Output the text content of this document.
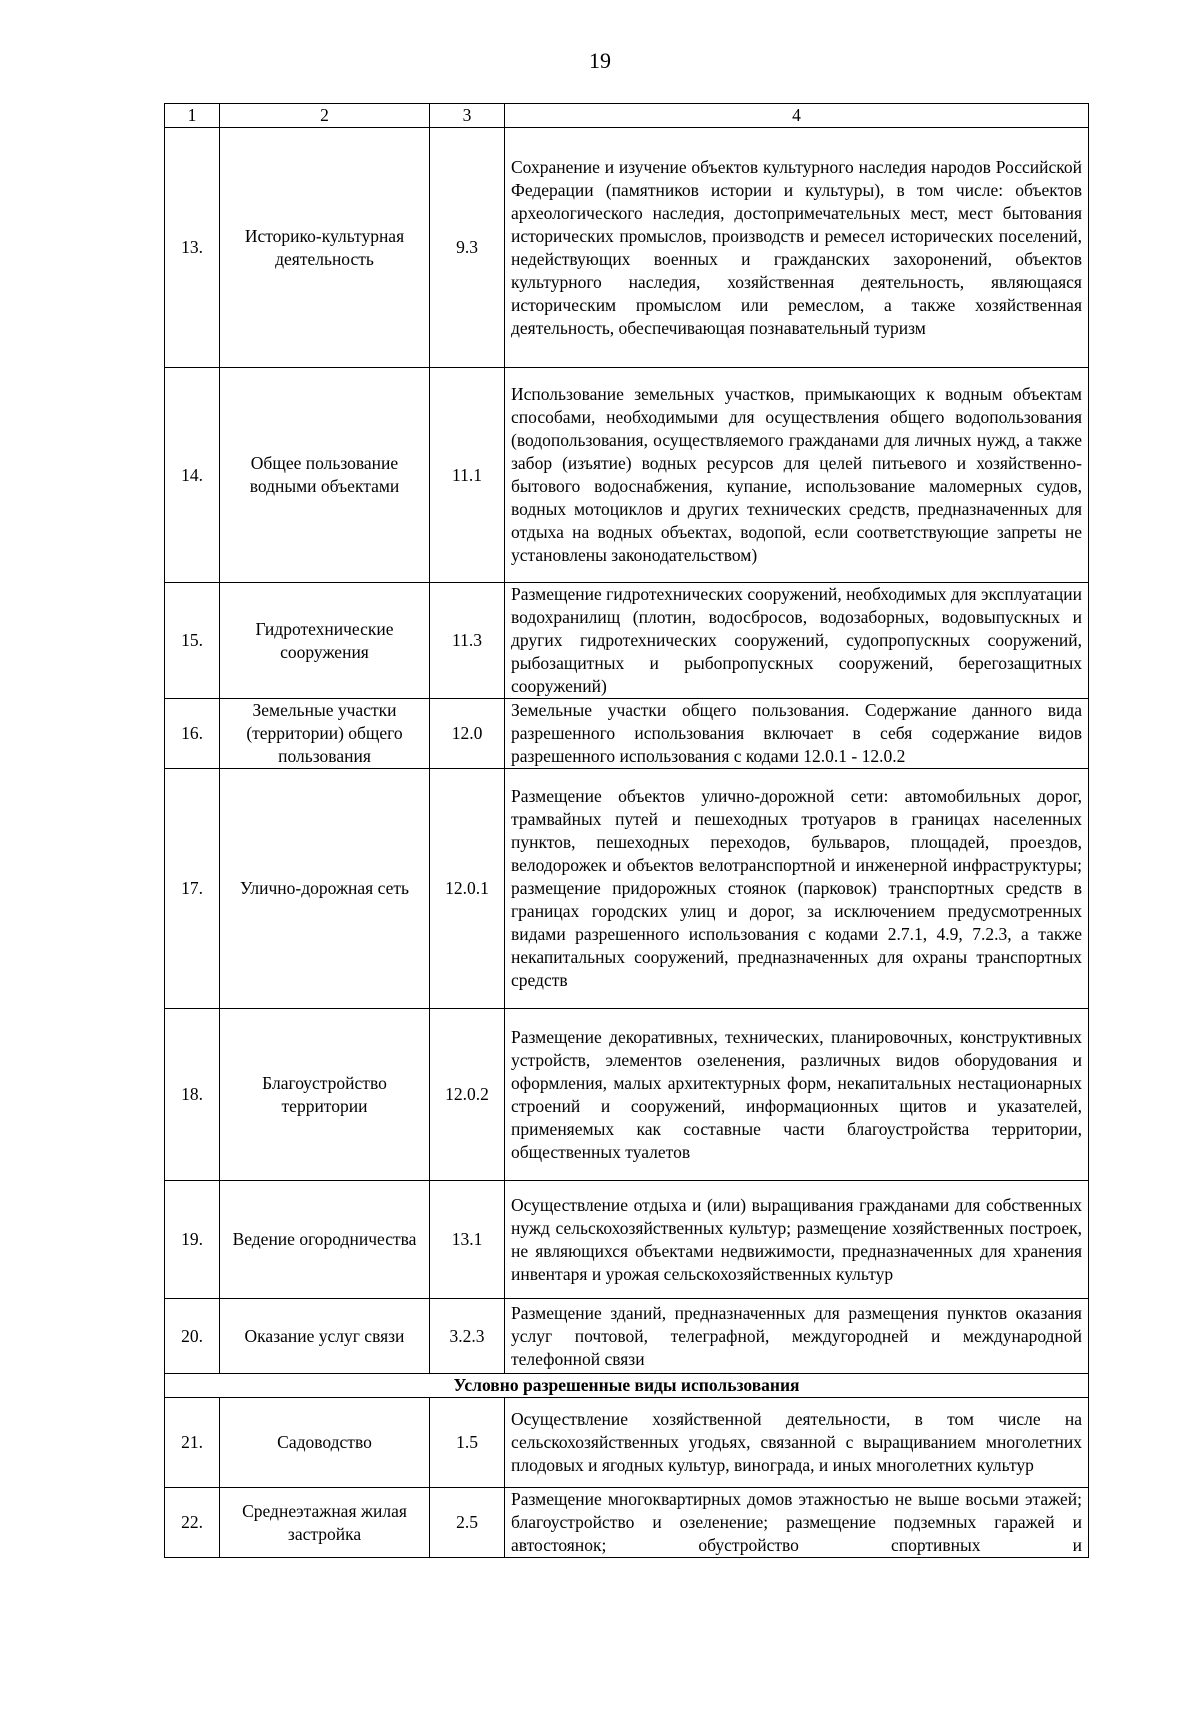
19
1	2	3	4
13.	Историко-культурная деятельность	9.3	Сохранение и изучение объектов культурного наследия народов Российской Федерации (памятников истории и культуры), в том числе: объектов археологического наследия, достопримечательных мест, мест бытования исторических промыслов, производств и ремесел исторических поселений, недействующих военных и гражданских захоронений, объектов культурного наследия, хозяйственная деятельность, являющаяся историческим промыслом или ремеслом, а также хозяйственная деятельность, обеспечивающая познавательный туризм
14.	Общее пользование водными объектами	11.1	Использование земельных участков, примыкающих к водным объектам способами, необходимыми для осуществления общего водопользования (водопользования, осуществляемого гражданами для личных нужд, а также забор (изъятие) водных ресурсов для целей питьевого и хозяйственно-бытового водоснабжения, купание, использование маломерных судов, водных мотоциклов и других технических средств, предназначенных для отдыха на водных объектах, водопой, если соответствующие запреты не установлены законодательством)
15.	Гидротехнические сооружения	11.3	Размещение гидротехнических сооружений, необходимых для эксплуатации водохранилищ (плотин, водосбросов, водозаборных, водовыпускных и других гидротехнических сооружений, судопропускных сооружений, рыбозащитных и рыбопропускных сооружений, берегозащитных сооружений)
16.	Земельные участки (территории) общего пользования	12.0	Земельные участки общего пользования. Содержание данного вида разрешенного использования включает в себя содержание видов разрешенного использования с кодами 12.0.1 - 12.0.2
17.	Улично-дорожная сеть	12.0.1	Размещение объектов улично-дорожной сети: автомобильных дорог, трамвайных путей и пешеходных тротуаров в границах населенных пунктов, пешеходных переходов, бульваров, площадей, проездов, велодорожек и объектов велотранспортной и инженерной инфраструктуры; размещение придорожных стоянок (парковок) транспортных средств в границах городских улиц и дорог, за исключением предусмотренных видами разрешенного использования с кодами 2.7.1, 4.9, 7.2.3, а также некапитальных сооружений, предназначенных для охраны транспортных средств
18.	Благоустройство территории	12.0.2	Размещение декоративных, технических, планировочных, конструктивных устройств, элементов озеленения, различных видов оборудования и оформления, малых архитектурных форм, некапитальных нестационарных строений и сооружений, информационных щитов и указателей, применяемых как составные части благоустройства территории, общественных туалетов
19.	Ведение огородничества	13.1	Осуществление отдыха и (или) выращивания гражданами для собственных нужд сельскохозяйственных культур; размещение хозяйственных построек, не являющихся объектами недвижимости, предназначенных для хранения инвентаря и урожая сельскохозяйственных культур
20.	Оказание услуг связи	3.2.3	Размещение зданий, предназначенных для размещения пунктов оказания услуг почтовой, телеграфной, междугородней и международной телефонной связи
Условно разрешенные виды использования			
21.	Садоводство	1.5	Осуществление хозяйственной деятельности, в том числе на сельскохозяйственных угодьях, связанной с выращиванием многолетних плодовых и ягодных культур, винограда, и иных многолетних культур
22.	Среднеэтажная жилая застройка	2.5	Размещение многоквартирных домов этажностью не выше восьми этажей; благоустройство и озеленение; размещение подземных гаражей и автостоянок; обустройство спортивных и
